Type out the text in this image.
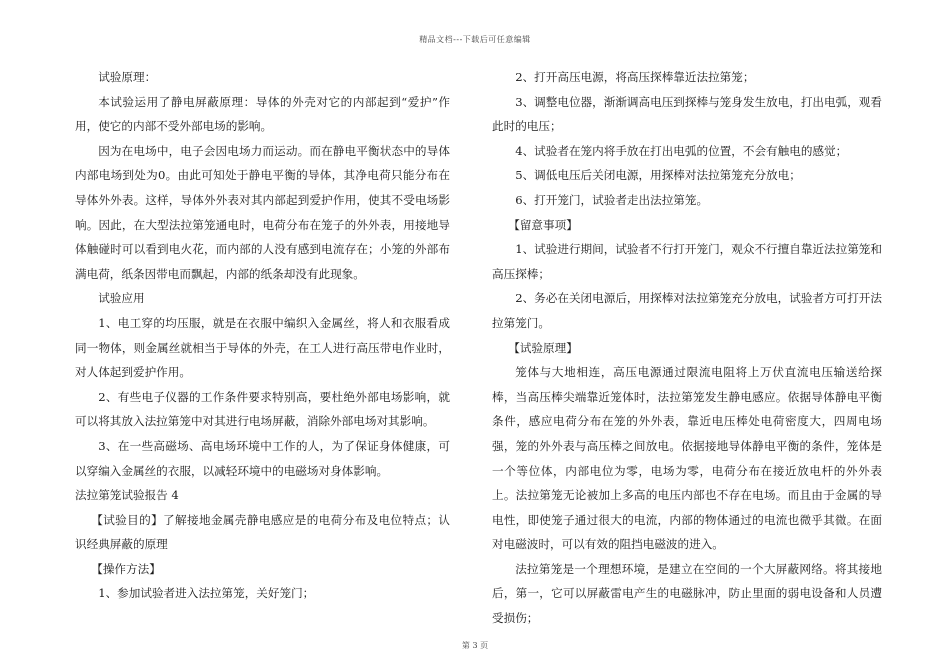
精品文档---下载后可任意编辑

试验原理：

本试验运用了静电屏蔽原理：导体的外壳对它的内部起到“爱护”作用，使它的内部不受外部电场的影响。

因为在电场中，电子会因电场力而运动。而在静电平衡状态中的导体内部电场到处为0。由此可知处于静电平衡的导体，其净电荷只能分布在导体外外表。这样，导体外外表对其内部起到爱护作用，使其不受电场影响。因此，在大型法拉第笼通电时，电荷分布在笼子的外外表，用接地导体触碰时可以看到电火花，而内部的人没有感到电流存在；小笼的外部布满电荷，纸条因带电而飘起，内部的纸条却没有此现象。

试验应用

1、电工穿的均压服，就是在衣服中编织入金属丝，将人和衣服看成同一物体，则金属丝就相当于导体的外壳，在工人进行高压带电作业时，对人体起到爱护作用。

2、有些电子仪器的工作条件要求特别高，要杜绝外部电场影响，就可以将其放入法拉第笼中对其进行电场屏蔽，消除外部电场对其影响。

3、在一些高磁场、高电场环境中工作的人，为了保证身体健康，可以穿编入金属丝的衣服，以减轻环境中的电磁场对身体影响。

法拉第笼试验报告 4

【试验目的】了解接地金属壳静电感应是的电荷分布及电位特点；认识经典屏蔽的原理

【操作方法】

1、参加试验者进入法拉第笼，关好笼门；

2、打开高压电源，将高压探棒靠近法拉第笼；

3、调整电位器，渐渐调高电压到探棒与笼身发生放电，打出电弧，观看此时的电压；

4、试验者在笼内将手放在打出电弧的位置，不会有触电的感觉；

5、调低电压后关闭电源，用探棒对法拉第笼充分放电；

6、打开笼门，试验者走出法拉第笼。

【留意事项】

1、试验进行期间，试验者不行打开笼门，观众不行擅自靠近法拉第笼和高压探棒；

2、务必在关闭电源后，用探棒对法拉第笼充分放电，试验者方可打开法拉第笼门。

【试验原理】

笼体与大地相连，高压电源通过限流电阻将上万伏直流电压输送给探棒，当高压棒尖端靠近笼体时，法拉第笼发生静电感应。依据导体静电平衡条件，感应电荷分布在笼的外外表，靠近电压棒处电荷密度大，四周电场强，笼的外外表与高压棒之间放电。依据接地导体静电平衡的条件，笼体是一个等位体，内部电位为零，电场为零，电荷分布在接近放电杆的外外表上。法拉第笼无论被加上多高的电压内部也不存在电场。而且由于金属的导电性，即使笼子通过很大的电流，内部的物体通过的电流也微乎其微。在面对电磁波时，可以有效的阻挡电磁波的进入。

法拉第笼是一个理想环境，是建立在空间的一个大屏蔽网络。将其接地后，第一，它可以屏蔽雷电产生的电磁脉冲，防止里面的弱电设备和人员遭受损伤；

第 3 页
